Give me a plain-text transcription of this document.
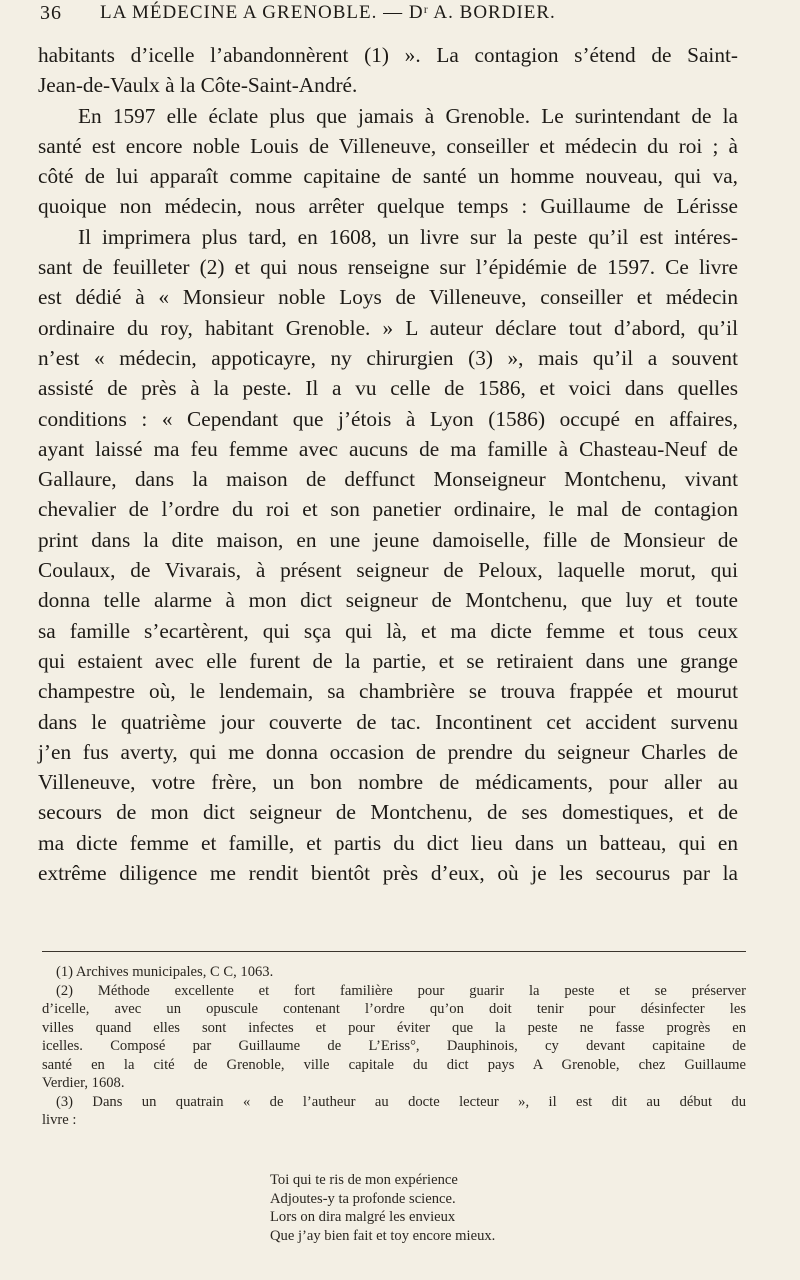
36 LA MÉDECINE A GRENOBLE. — Dʳ A. BORDIER.
habitants d’icelle l’abandonnèrent (1) ». La contagion s’étend de Saint-
Jean-de-Vaulx à la Côte-Saint-André.
En 1597 elle éclate plus que jamais à Grenoble. Le surintendant de la
santé est encore noble Louis de Villeneuve, conseiller et médecin du roi ; à
côté de lui apparaît comme capitaine de santé un homme nouveau, qui va,
quoique non médecin, nous arrêter quelque temps : Guillaume de Lérisse
Il imprimera plus tard, en 1608, un livre sur la peste qu’il est intéres-
sant de feuilleter (2) et qui nous renseigne sur l’épidémie de 1597. Ce livre
est dédié à « Monsieur noble Loys de Villeneuve, conseiller et médecin
ordinaire du roy, habitant Grenoble. » L auteur déclare tout d’abord, qu’il
n’est « médecin, appoticayre, ny chirurgien (3) », mais qu’il a souvent
assisté de près à la peste. Il a vu celle de 1586, et voici dans quelles
conditions : « Cependant que j’étois à Lyon (1586) occupé en affaires,
ayant laissé ma feu femme avec aucuns de ma famille à Chasteau-Neuf de
Gallaure, dans la maison de deffunct Monseigneur Montchenu, vivant
chevalier de l’ordre du roi et son panetier ordinaire, le mal de contagion
print dans la dite maison, en une jeune damoiselle, fille de Monsieur de
Coulaux, de Vivarais, à présent seigneur de Peloux, laquelle morut, qui
donna telle alarme à mon dict seigneur de Montchenu, que luy et toute
sa famille s’ecartèrent, qui sça qui là, et ma dicte femme et tous ceux
qui estaient avec elle furent de la partie, et se retiraient dans une grange
champestre où, le lendemain, sa chambrière se trouva frappée et mourut
dans le quatrième jour couverte de tac. Incontinent cet accident survenu
j’en fus averty, qui me donna occasion de prendre du seigneur Charles de
Villeneuve, votre frère, un bon nombre de médicaments, pour aller au
secours de mon dict seigneur de Montchenu, de ses domestiques, et de
ma dicte femme et famille, et partis du dict lieu dans un batteau, qui en
extrême diligence me rendit bientôt près d’eux, où je les secourus par la
(1) Archives municipales, C C, 1063.
(2) Méthode excellente et fort familière pour guarir la peste et se préserver
d’icelle, avec un opuscule contenant l’ordre qu’on doit tenir pour désinfecter les
villes quand elles sont infectes et pour éviter que la peste ne fasse progrès en
icelles. Composé par Guillaume de L’Eriss°, Dauphinois, cy devant capitaine de
santé en la cité de Grenoble, ville capitale du dict pays A Grenoble, chez Guillaume
Verdier, 1608.
(3) Dans un quatrain « de l’autheur au docte lecteur », il est dit au début du
livre :
Toi qui te ris de mon expérience
Adjoutes-y ta profonde science.
Lors on dira malgré les envieux
Que j’ay bien fait et toy encore mieux.
